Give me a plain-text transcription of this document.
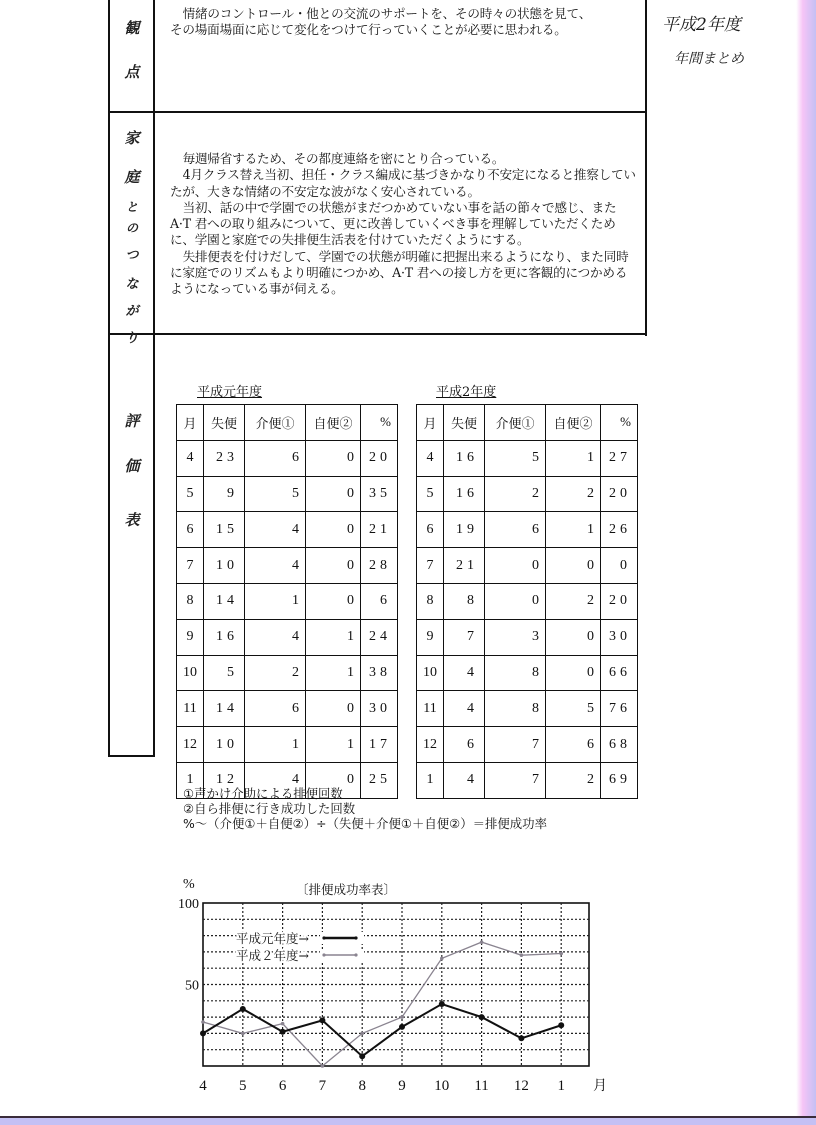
平成2年度
年間まとめ
観
点

情緒のコントロール・他との交流のサポートを、その時々の状態を見て、

その場面場面に応じて変化をつけて行っていくことが必要に思われる。

家
庭
と
の
つ
な
が
り

毎週帰省するため、その都度連絡を密にとり合っている。

4月クラス替え当初、担任・クラス編成に基づきかなり不安定になると推察していたが、大きな情緒の不安定な波がなく安心されている。

当初、話の中で学園での状態がまだつかめていない事を話の節々で感じ、また A·T 君への取り組みについて、更に改善していくべき事を理解していただくために、学園と家庭での失排便生活表を付けていただくようにする。

失排便表を付けだして、学園での状態が明確に把握出来るようになり、また同時に家庭でのリズムもより明確につかめ、A·T 君への接し方を更に客観的につかめるようになっている事が伺える。

評
価
表
平成元年度
月	失便	介便①	自便②	%
4	23	6	0	20
5	9	5	0	35
6	15	4	0	21
7	10	4	0	28
8	14	1	0	6
9	16	4	1	24
10	5	2	1	38
11	14	6	0	30
12	10	1	1	17
1	12	4	0	25
平成2年度
月	失便	介便①	自便②	%
4	16	5	1	27
5	16	2	2	20
6	19	6	1	26
7	21	0	0	0
8	8	0	2	20
9	7	3	0	30
10	4	8	0	66
11	4	8	5	76
12	6	7	6	68
1	4	7	2	69
①声かけ介助による排便回数
②自ら排便に行き成功した回数
%～（介便①＋自便②）÷（失便＋介便①＋自便②）＝排便成功率
%	〔排便成功率表〕
100
50
4 5 6 7 8 9 10 11 12 1 月
平成元年度→
平成２年度→
